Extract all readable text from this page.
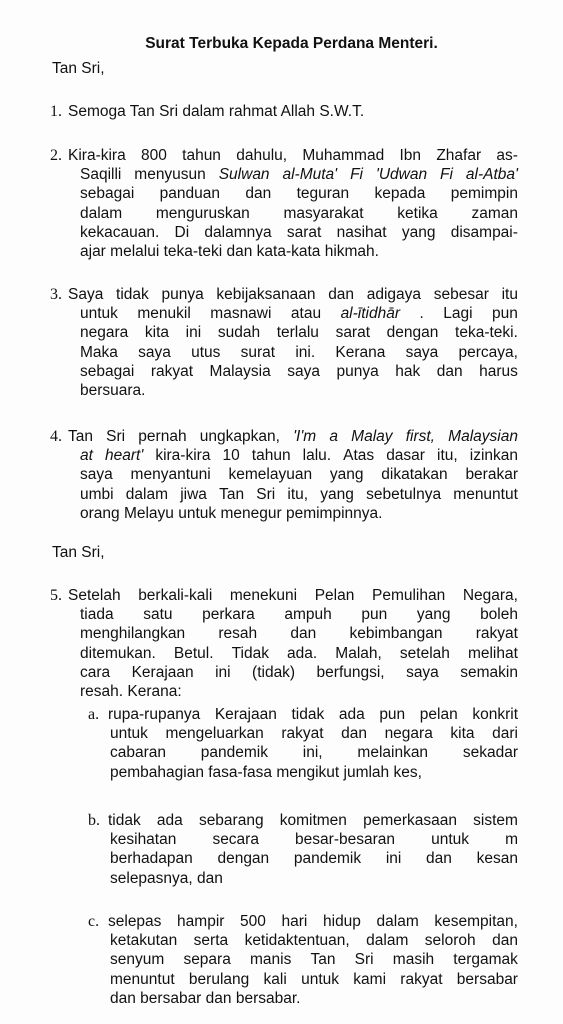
Surat Terbuka Kepada Perdana Menteri.
Tan Sri,
1. Semoga Tan Sri dalam rahmat Allah S.W.T.
2. Kira-kira 800 tahun dahulu, Muhammad Ibn Zhafar as-
Saqilli menyusun Sulwan al-Muta' Fi 'Udwan Fi al-Atba'
sebagai panduan dan teguran kepada pemimpin
dalam menguruskan masyarakat ketika zaman
kekacauan. Di dalamnya sarat nasihat yang disampai-
ajar melalui teka-teki dan kata-kata hikmah.
3. Saya tidak punya kebijaksanaan dan adigaya sebesar itu
untuk menukil masnawi atau al-ītidhār . Lagi pun
negara kita ini sudah terlalu sarat dengan teka-teki.
Maka saya utus surat ini. Kerana saya percaya,
sebagai rakyat Malaysia saya punya hak dan harus
bersuara.
4. Tan Sri pernah ungkapkan, 'I'm a Malay first, Malaysian
at heart' kira-kira 10 tahun lalu. Atas dasar itu, izinkan
saya menyantuni kemelayuan yang dikatakan berakar
umbi dalam jiwa Tan Sri itu, yang sebetulnya menuntut
orang Melayu untuk menegur pemimpinnya.
Tan Sri,
5. Setelah berkali-kali menekuni Pelan Pemulihan Negara,
tiada satu perkara ampuh pun yang boleh
menghilangkan resah dan kebimbangan rakyat
ditemukan. Betul. Tidak ada. Malah, setelah melihat
cara Kerajaan ini (tidak) berfungsi, saya semakin
resah. Kerana:
a. rupa-rupanya Kerajaan tidak ada pun pelan konkrit
untuk mengeluarkan rakyat dan negara kita dari
cabaran pandemik ini, melainkan sekadar
pembahagian fasa-fasa mengikut jumlah kes,
b. tidak ada sebarang komitmen pemerkasaan sistem
kesihatan secara besar-besaran untuk m
berhadapan dengan pandemik ini dan kesan
selepasnya, dan
c. selepas hampir 500 hari hidup dalam kesempitan,
ketakutan serta ketidaktentuan, dalam seloroh dan
senyum separa manis Tan Sri masih tergamak
menuntut berulang kali untuk kami rakyat bersabar
dan bersabar dan bersabar.
